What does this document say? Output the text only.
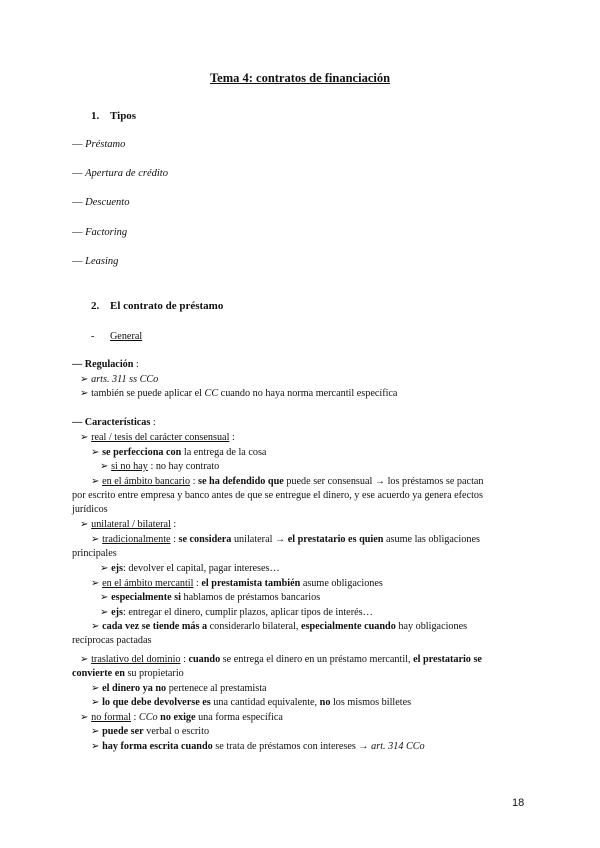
Tema 4: contratos de financiación
1. Tipos
— Préstamo
— Apertura de crédito
— Descuento
— Factoring
— Leasing
2. El contrato de préstamo
- General
— Regulación :
➢ arts. 311 ss CCo
➢ también se puede aplicar el CC cuando no haya norma mercantil específica
— Características :
➢ real / tesis del carácter consensual :
➢ se perfecciona con la entrega de la cosa
➢ si no hay : no hay contrato
➢ en el ámbito bancario : se ha defendido que puede ser consensual → los préstamos se pactan
por escrito entre empresa y banco antes de que se entregue el dinero, y ese acuerdo ya genera efectos
jurídicos
➢ unilateral / bilateral :
➢ tradicionalmente : se considera unilateral → el prestatario es quien asume las obligaciones
principales
➢ ejs: devolver el capital, pagar intereses…
➢ en el ámbito mercantil : el prestamista también asume obligaciones
➢ especialmente si hablamos de préstamos bancarios
➢ ejs: entregar el dinero, cumplir plazos, aplicar tipos de interés…
➢ cada vez se tiende más a considerarlo bilateral, especialmente cuando hay obligaciones
recíprocas pactadas
➢ traslativo del dominio : cuando se entrega el dinero en un préstamo mercantil, el prestatario se
convierte en su propietario
➢ el dinero ya no pertenece al prestamista
➢ lo que debe devolverse es una cantidad equivalente, no los mismos billetes
➢ no formal : CCo no exige una forma específica
➢ puede ser verbal o escrito
➢ hay forma escrita cuando se trata de préstamos con intereses → art. 314 CCo
18
